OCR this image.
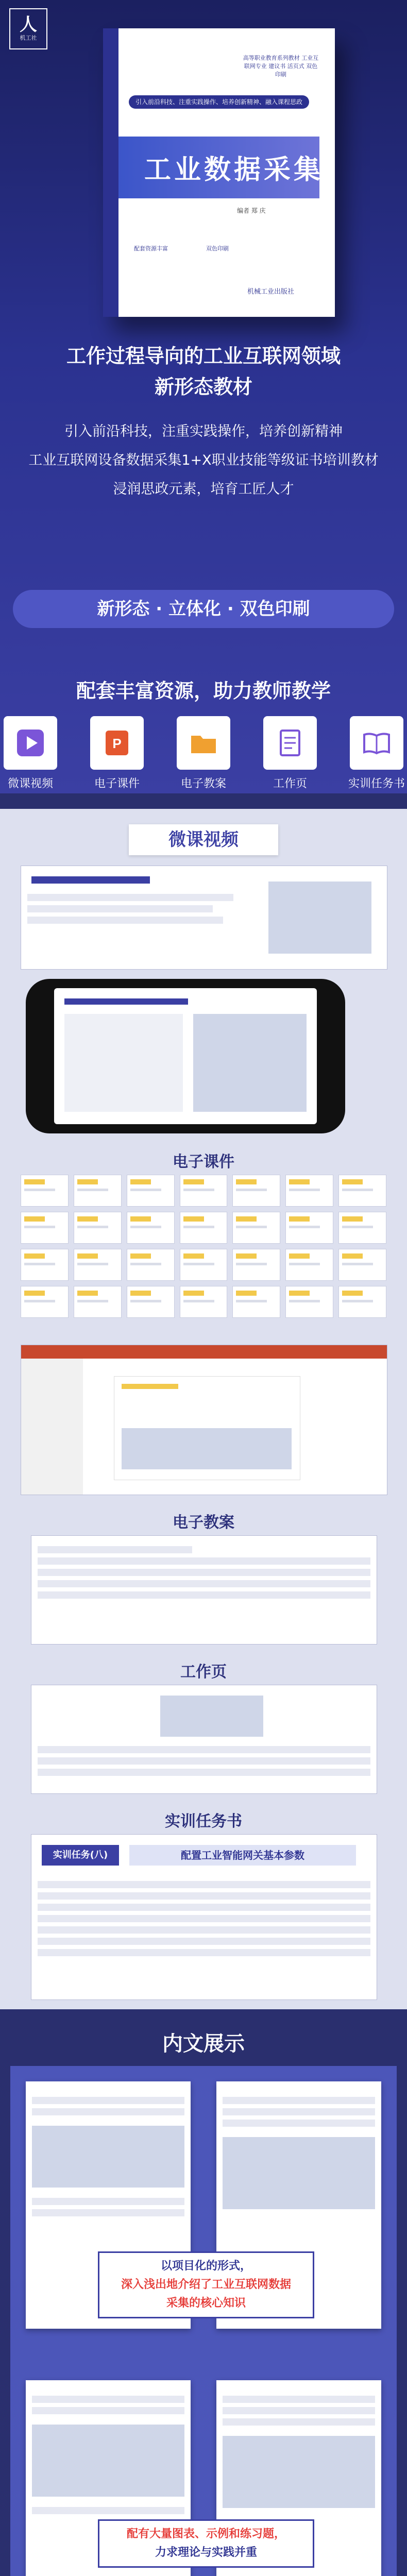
人
机工社
高等职业教育系列教材 工业互联网专业 建议书 活页式 双色印刷
引入前沿科技、注重实践操作、培养创新精神、融入课程思政
工业数据采集
编者 郑 庆
配套资源丰富	双色印刷
机械工业出版社
工作过程导向的工业互联网领域
新形态教材
引入前沿科技，注重实践操作，培养创新精神
工业互联网设备数据采集1+X职业技能等级证书培训教材
浸润思政元素，培育工匠人才
新形态 · 立体化 · 双色印刷
配套丰富资源，助力教师教学
微课视频
P
电子课件	电子教案	工作页	实训任务书
微课视频
电子课件
电子教案
工作页
实训任务书
实训任务(八)	配置工业智能网关基本参数
内文展示
以项目化的形式，
深入浅出地介绍了工业互联网数据
采集的核心知识
配有大量图表、示例和练习题，
力求理论与实践并重
